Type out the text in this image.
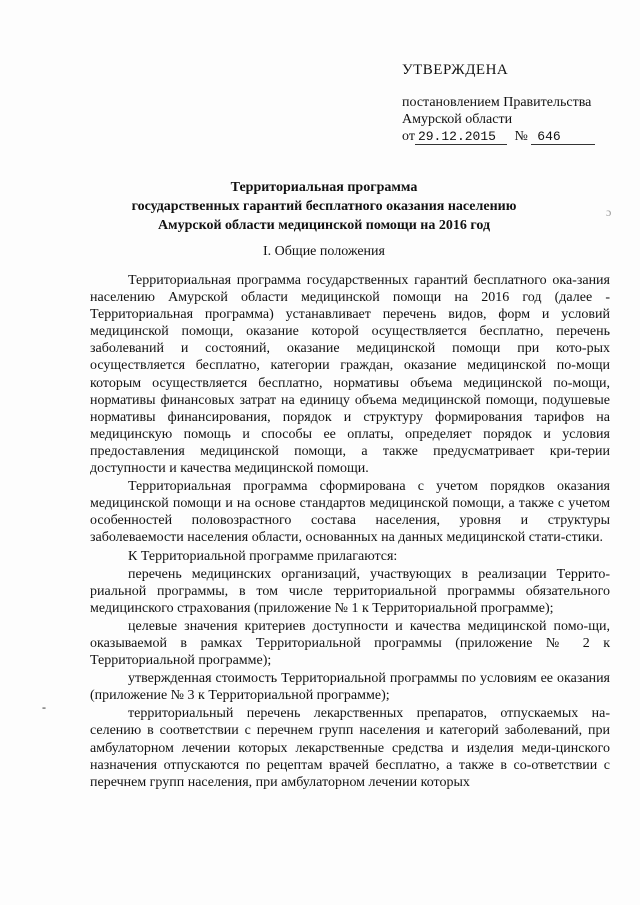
УТВЕРЖДЕНА
постановлением Правительства
Амурской области
от 29.12.2015 № 646
Территориальная программа
государственных гарантий бесплатного оказания населению
Амурской области медицинской помощи на 2016 год
I. Общие положения

Территориальная программа государственных гарантий бесплатного ока-зания населению Амурской области медицинской помощи на 2016 год (далее - Территориальная программа) устанавливает перечень видов, форм и условий медицинской помощи, оказание которой осуществляется бесплатно, перечень заболеваний и состояний, оказание медицинской помощи при кото-рых осуществляется бесплатно, категории граждан, оказание медицинской по-мощи которым осуществляется бесплатно, нормативы объема медицинской по-мощи, нормативы финансовых затрат на единицу объема медицинской помощи, подушевые нормативы финансирования, порядок и структуру формирования тарифов на медицинскую помощь и способы ее оплаты, определяет порядок и условия предоставления медицинской помощи, а также предусматривает кри-терии доступности и качества медицинской помощи.

Территориальная программа сформирована с учетом порядков оказания медицинской помощи и на основе стандартов медицинской помощи, а также с учетом особенностей половозрастного состава населения, уровня и структуры заболеваемости населения области, основанных на данных медицинской стати-стики.

К Территориальной программе прилагаются:

перечень медицинских организаций, участвующих в реализации Террито-риальной программы, в том числе территориальной программы обязательного медицинского страхования (приложение № 1 к Территориальной программе);

целевые значения критериев доступности и качества медицинской помо-щи, оказываемой в рамках Территориальной программы (приложение № 2 к Территориальной программе);

утвержденная стоимость Территориальной программы по условиям ее оказания (приложение № 3 к Территориальной программе);

территориальный перечень лекарственных препаратов, отпускаемых на-селению в соответствии с перечнем групп населения и категорий заболеваний, при амбулаторном лечении которых лекарственные средства и изделия меди-цинского назначения отпускаются по рецептам врачей бесплатно, а также в со-ответствии с перечнем групп населения, при амбулаторном лечении которых

ɔ
-
